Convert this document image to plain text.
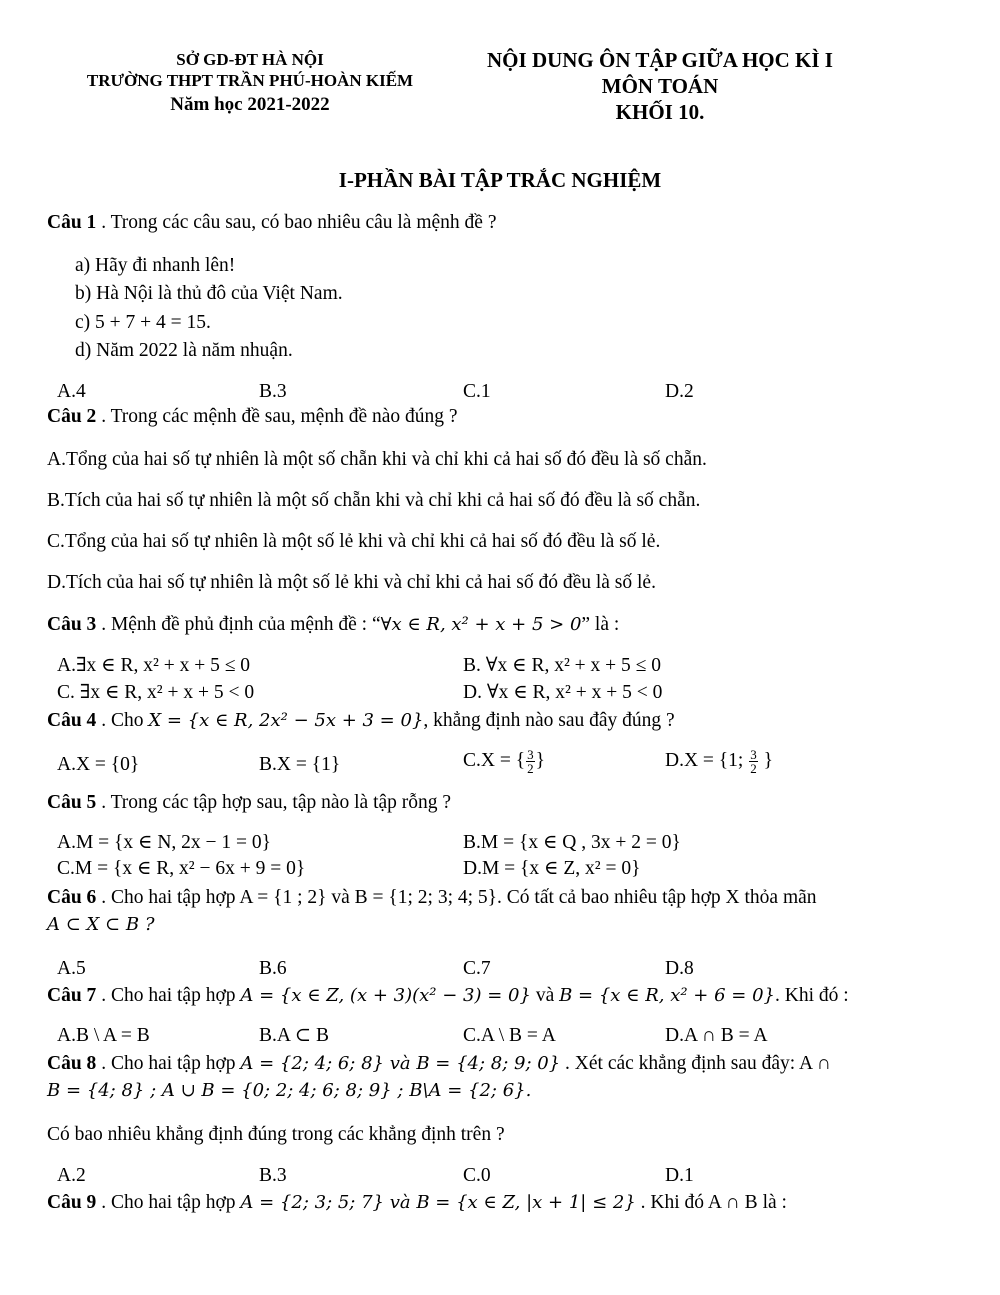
SỞ GD-ĐT HÀ NỘI
TRƯỜNG THPT TRẦN PHÚ-HOÀN KIẾM
Năm học 2021-2022
NỘI DUNG ÔN TẬP GIỮA HỌC KÌ I
MÔN TOÁN
KHỐI 10.
I-PHẦN BÀI TẬP TRẮC NGHIỆM
Câu 1 . Trong các câu sau, có bao nhiêu câu là mệnh đề ?
a) Hãy đi nhanh lên!
b) Hà Nội là thủ đô của Việt Nam.
c) 5 + 7 + 4 = 15.
d) Năm 2022 là năm nhuận.
A.4	B.3	C.1	D.2
Câu 2 . Trong các mệnh đề sau, mệnh đề nào đúng ?
A.Tổng của hai số tự nhiên là một số chẵn khi và chỉ khi cả hai số đó đều là số chẵn.
B.Tích của hai số tự nhiên là một số chẵn khi và chỉ khi cả hai số đó đều là số chẵn.
C.Tổng của hai số tự nhiên là một số lẻ khi và chỉ khi cả hai số đó đều là số lẻ.
D.Tích của hai số tự nhiên là một số lẻ khi và chỉ khi cả hai số đó đều là số lẻ.
Câu 3 . Mệnh đề phủ định của mệnh đề : “∀x ∈ R, x² + x + 5 > 0” là :
A.∃x ∈ R, x² + x + 5 ≤ 0	B. ∀x ∈ R, x² + x + 5 ≤ 0
C. ∃x ∈ R, x² + x + 5 < 0	D. ∀x ∈ R, x² + x + 5 < 0
Câu 4 . Cho X = {x ∈ R, 2x² − 5x + 3 = 0}, khẳng định nào sau đây đúng ?
A.X = {0}	B.X = {1}	C.X = { $\frac{3}{2}$ }	D.X = {1; $\frac{3}{2}$ }
Câu 5 . Trong các tập hợp sau, tập nào là tập rỗng ?
A.M = {x ∈ N, 2x − 1 = 0}	B.M = {x ∈ Q , 3x + 2 = 0}
C.M = {x ∈ R, x² − 6x + 9 = 0}	D.M = {x ∈ Z, x² = 0}
Câu 6 . Cho hai tập hợp A = {1 ; 2} và B = {1; 2; 3; 4; 5}. Có tất cả bao nhiêu tập hợp X thỏa mãn
A ⊂ X ⊂ B ?
A.5	B.6	C.7	D.8
Câu 7 . Cho hai tập hợp A = {x ∈ Z, (x + 3)(x² − 3) = 0} và B = {x ∈ R, x² + 6 = 0}. Khi đó :
A.B \ A = B	B.A ⊂ B	C.A \ B = A	D.A ∩ B = A
Câu 8 . Cho hai tập hợp A = {2; 4; 6; 8} và B = {4; 8; 9; 0} . Xét các khẳng định sau đây: A ∩
B = {4; 8} ; A ∪ B = {0; 2; 4; 6; 8; 9} ; B\A = {2; 6}.
Có bao nhiêu khẳng định đúng trong các khẳng định trên ?
A.2	B.3	C.0	D.1
Câu 9 . Cho hai tập hợp A = {2; 3; 5; 7} và B = {x ∈ Z, |x + 1| ≤ 2} . Khi đó A ∩ B là :
